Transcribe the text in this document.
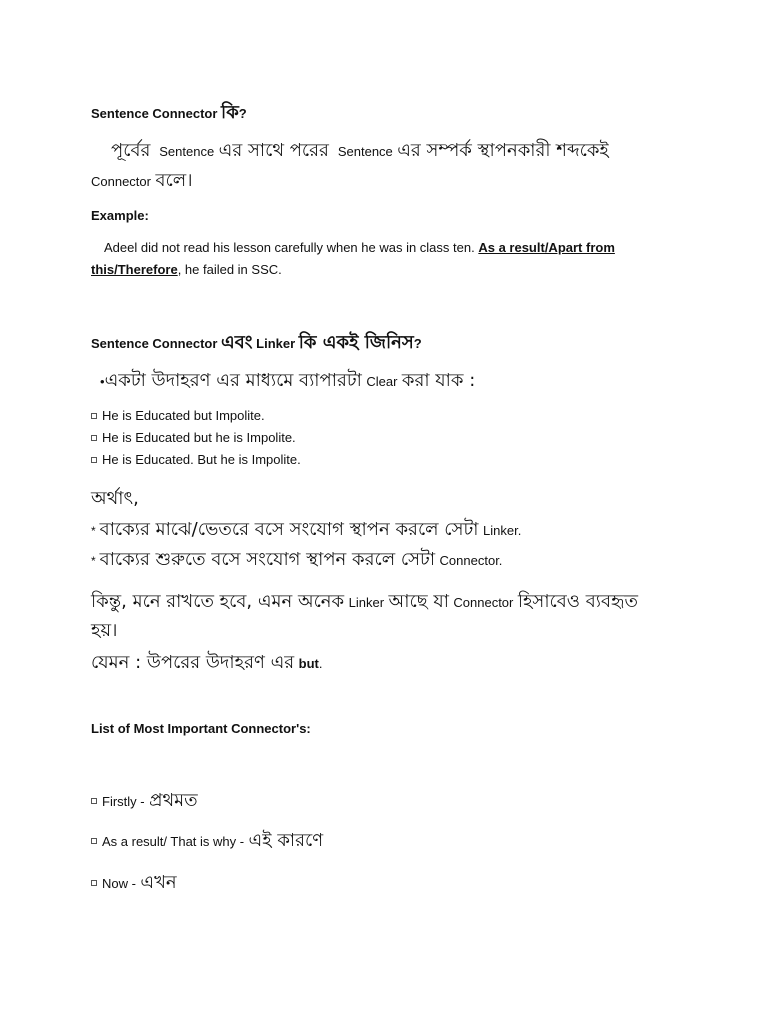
Sentence Connector কি?
পূর্বের Sentence এর সাথে পরের Sentence এর সম্পর্ক স্থাপনকারী শব্দকেই
Connector বলে।
Example:
Adeel did not read his lesson carefully when he was in class ten. As a result/Apart from
this/Therefore, he failed in SSC.
Sentence Connector এবং Linker কি একই জিনিস?
•একটা উদাহরণ এর মাধ্যমে ব্যাপারটা Clear করা যাক :
He is Educated but Impolite.
He is Educated but he is Impolite.
He is Educated. But he is Impolite.
অর্থাৎ,
* বাক্যের মাঝে/ভেতরে বসে সংযোগ স্থাপন করলে সেটা Linker.
* বাক্যের শুরুতে বসে সংযোগ স্থাপন করলে সেটা Connector.
কিন্তু, মনে রাখতে হবে, এমন অনেক Linker আছে যা Connector হিসাবেও ব্যবহৃত
হয়।
যেমন : উপরের উদাহরণ এর but.
List of Most Important Connector's:
Firstly - প্রথমত
As a result/ That is why - এই কারণে
Now - এখন
